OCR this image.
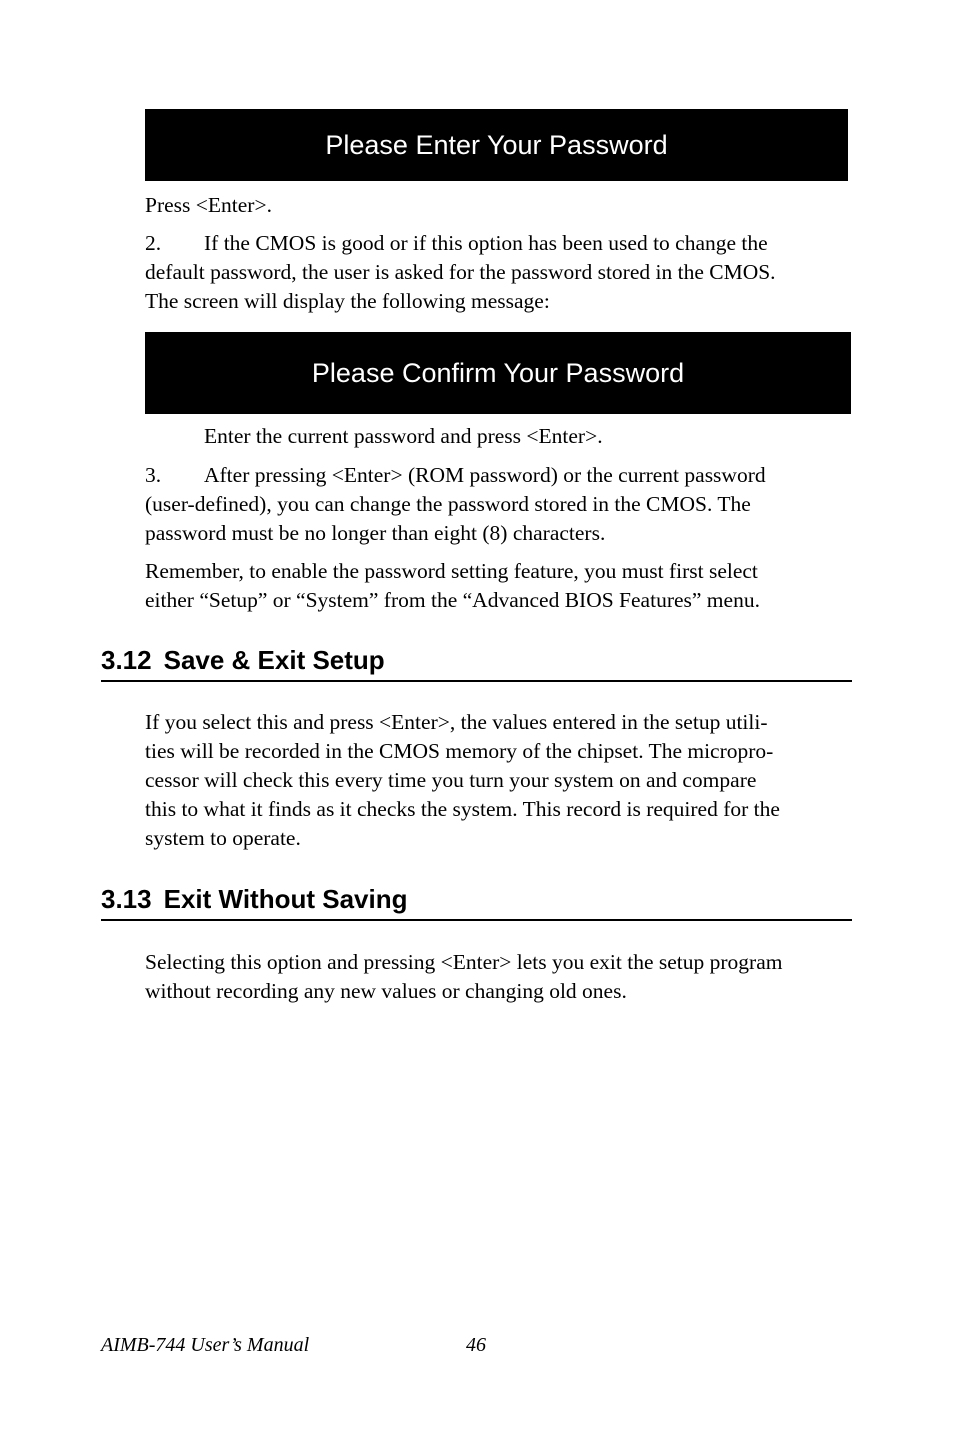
Please Enter Your Password
Press <Enter>.
2. If the CMOS is good or if this option has been used to change the
default password, the user is asked for the password stored in the CMOS.
The screen will display the following message:
Please Confirm Your Password
Enter the current password and press <Enter>.
3. After pressing <Enter> (ROM password) or the current password
(user-defined), you can change the password stored in the CMOS. The
password must be no longer than eight (8) characters.
Remember, to enable the password setting feature, you must first select
either “Setup” or “System” from the “Advanced BIOS Features” menu.
3.12 Save & Exit Setup
If you select this and press <Enter>, the values entered in the setup utili-
ties will be recorded in the CMOS memory of the chipset. The micropro-
cessor will check this every time you turn your system on and compare
this to what it finds as it checks the system. This record is required for the
system to operate.
3.13 Exit Without Saving
Selecting this option and pressing <Enter> lets you exit the setup program
without recording any new values or changing old ones.
AIMB-744 User’s Manual	46
